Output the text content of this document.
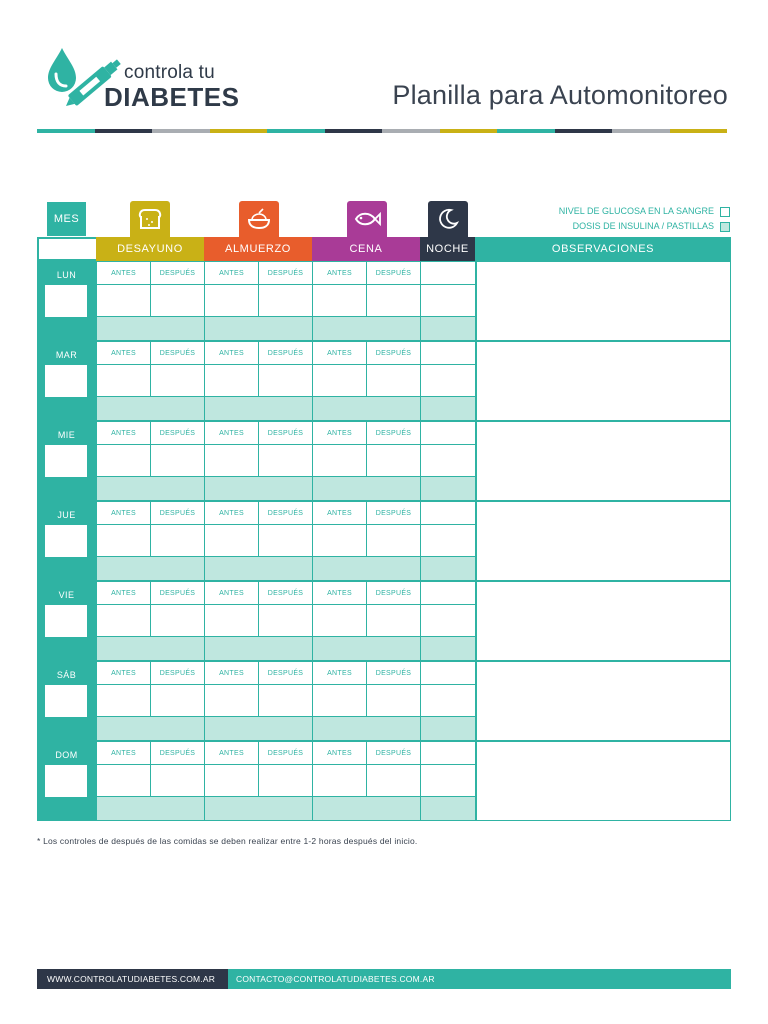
controla tu
DIABETES	Planilla para Automonitoreo
NIVEL DE GLUCOSA EN LA SANGRE
DOSIS DE INSULINA / PASTILLAS
MES
DESAYUNO	ALMUERZO	CENA	NOCHE	OBSERVACIONES
LUN	ANTES	DESPUÉS	ANTES	DESPUÉS	ANTES	DESPUÉS
MAR	ANTES	DESPUÉS	ANTES	DESPUÉS	ANTES	DESPUÉS
MIE	ANTES	DESPUÉS	ANTES	DESPUÉS	ANTES	DESPUÉS
JUE	ANTES	DESPUÉS	ANTES	DESPUÉS	ANTES	DESPUÉS
VIE	ANTES	DESPUÉS	ANTES	DESPUÉS	ANTES	DESPUÉS
SÁB	ANTES	DESPUÉS	ANTES	DESPUÉS	ANTES	DESPUÉS
DOM	ANTES	DESPUÉS	ANTES	DESPUÉS	ANTES	DESPUÉS
* Los controles de después de las comidas se deben realizar entre 1-2 horas después del inicio.
WWW.CONTROLATUDIABETES.COM.AR	CONTACTO@CONTROLATUDIABETES.COM.AR
